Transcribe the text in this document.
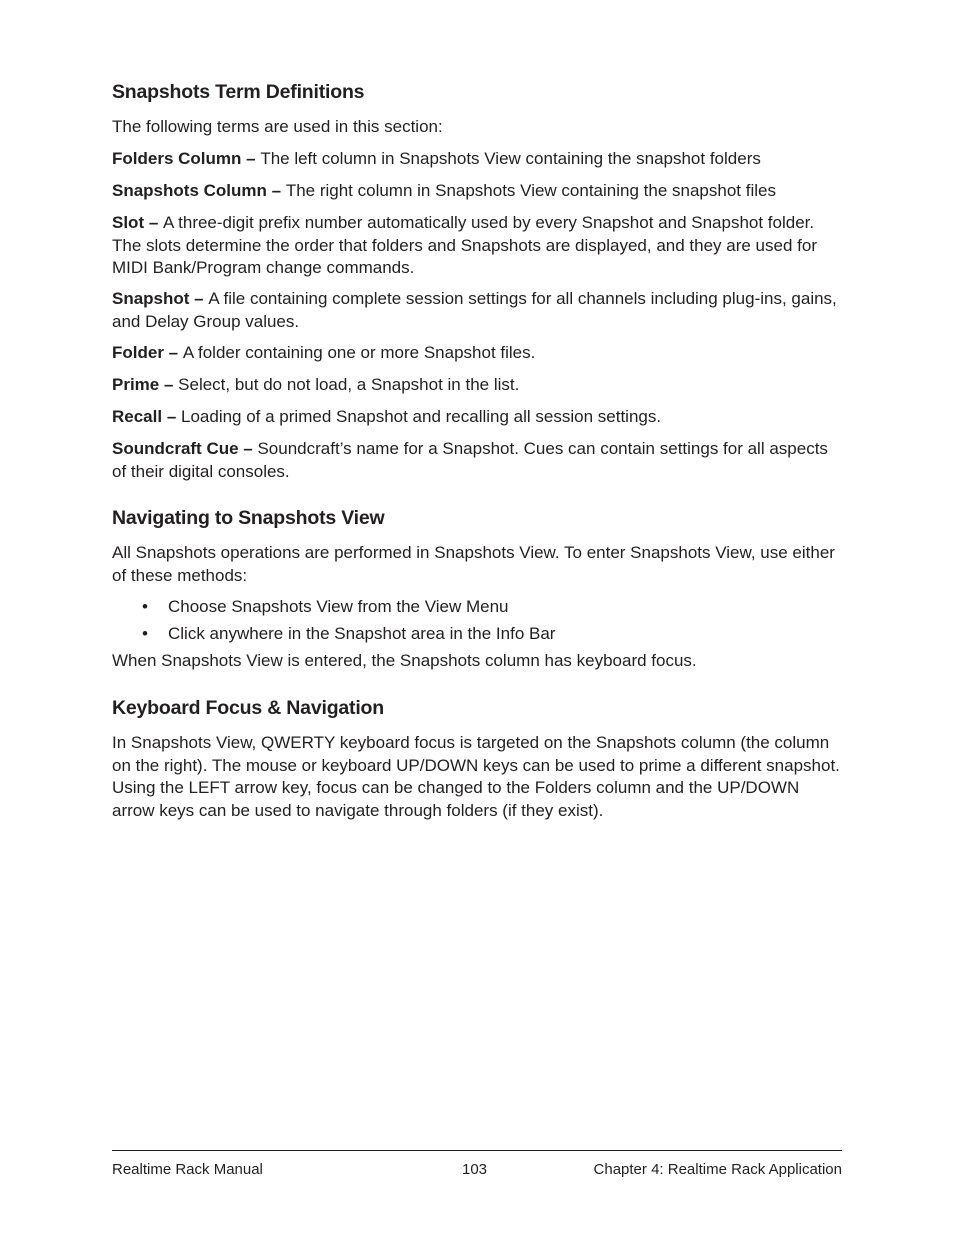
Snapshots Term Definitions

The following terms are used in this section:

Folders Column – The left column in Snapshots View containing the snapshot folders

Snapshots Column – The right column in Snapshots View containing the snapshot files

Slot – A three-digit prefix number automatically used by every Snapshot and Snapshot folder. The slots determine the order that folders and Snapshots are displayed, and they are used for MIDI Bank/Program change commands.

Snapshot – A file containing complete session settings for all channels including plug-ins, gains, and Delay Group values.

Folder – A folder containing one or more Snapshot files.

Prime – Select, but do not load, a Snapshot in the list.

Recall – Loading of a primed Snapshot and recalling all session settings.

Soundcraft Cue – Soundcraft’s name for a Snapshot. Cues can contain settings for all aspects of their digital consoles.

Navigating to Snapshots View

All Snapshots operations are performed in Snapshots View. To enter Snapshots View, use either of these methods:

• Choose Snapshots View from the View Menu
• Click anywhere in the Snapshot area in the Info Bar

When Snapshots View is entered, the Snapshots column has keyboard focus.

Keyboard Focus & Navigation

In Snapshots View, QWERTY keyboard focus is targeted on the Snapshots column (the column on the right). The mouse or keyboard UP/DOWN keys can be used to prime a different snapshot. Using the LEFT arrow key, focus can be changed to the Folders column and the UP/DOWN arrow keys can be used to navigate through folders (if they exist).

Realtime Rack Manual	103	Chapter 4: Realtime Rack Application
